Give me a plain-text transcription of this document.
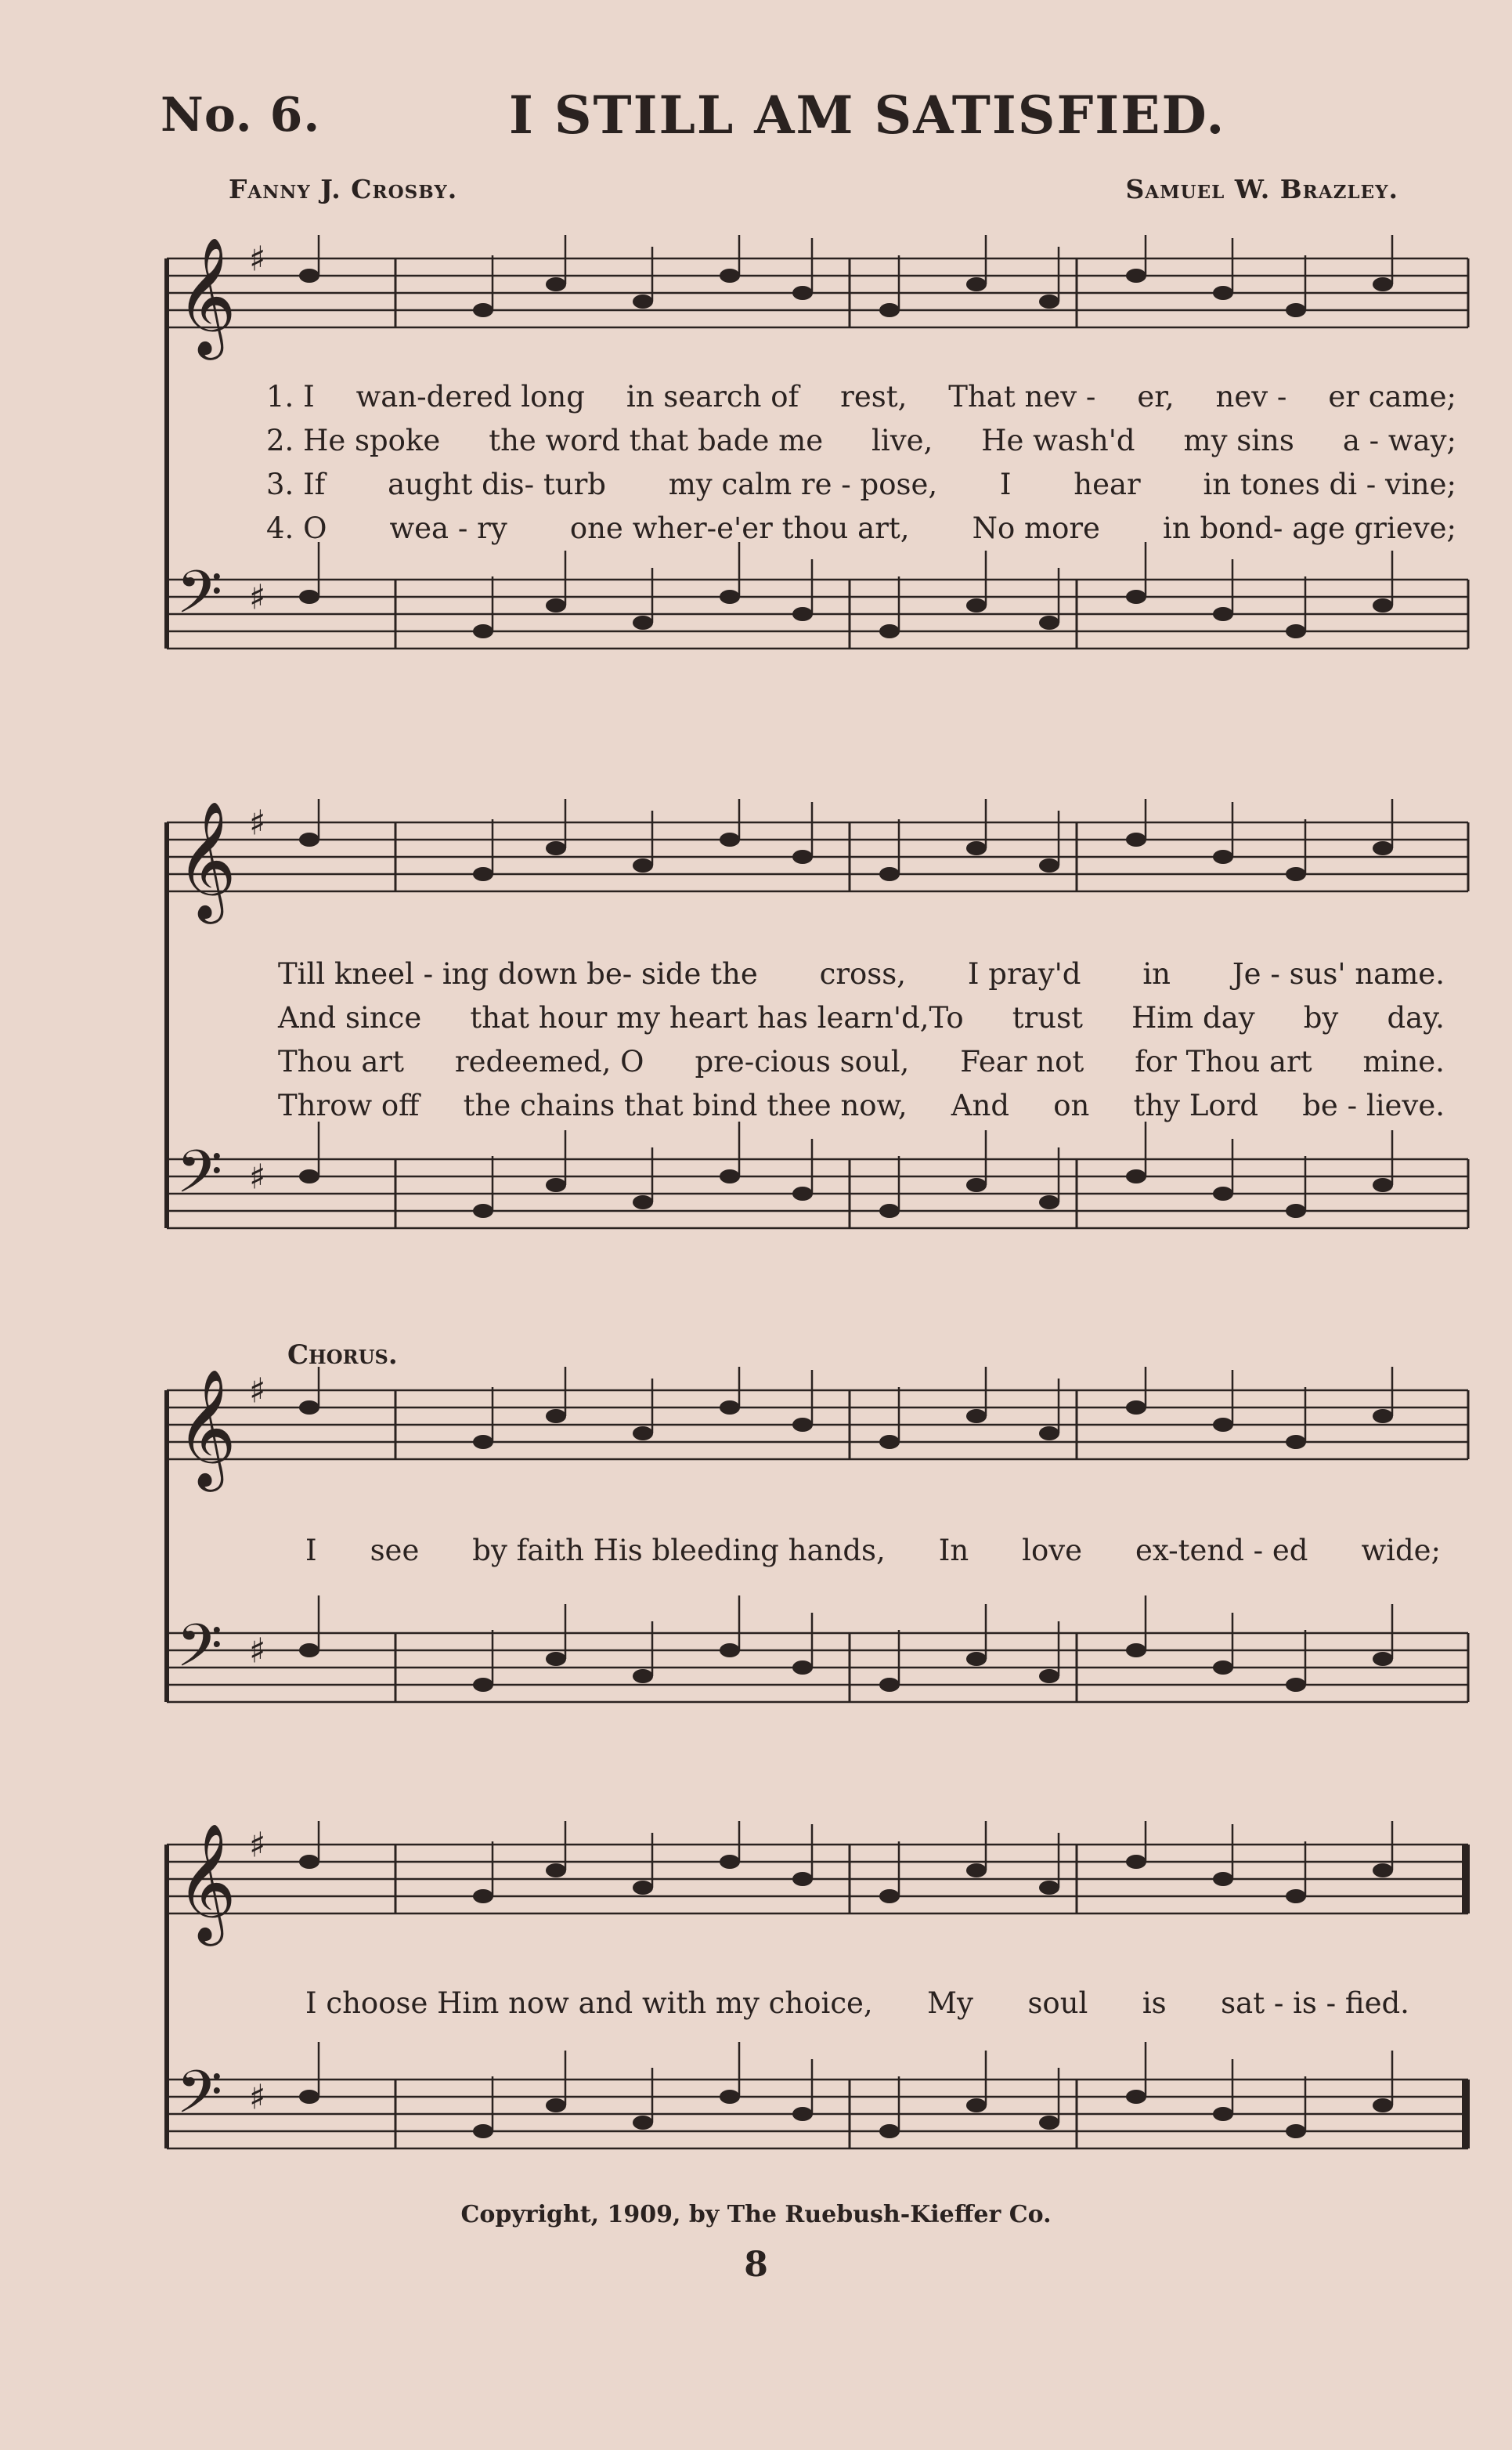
No. 6.	I STILL AM SATISFIED.
Fanny J. Crosby.	Samuel W. Brazley.
𝄞 ♯
𝄢 ♯
1. I wan-dered long in search of rest, That nev - er, nev - er came;
2. He spoke the word that bade me live, He wash'd my sins a - way;
3. If aught dis- turb my calm re - pose, I hear in tones di - vine;
4. O wea - ry one wher-e'er thou art, No more in bond- age grieve;
𝄞 ♯
𝄢 ♯
Till kneel - ing down be- side the cross, I pray'd in Je - sus' name.
And since that hour my heart has learn'd,To trust Him day by day.
Thou art redeemed, O pre-cious soul, Fear not for Thou art mine.
Throw off the chains that bind thee now, And on thy Lord be - lieve.
Chorus.
𝄞 ♯
𝄢 ♯
I see by faith His bleeding hands, In love ex-tend - ed wide;
𝄞 ♯
𝄢 ♯
I choose Him now and with my choice, My soul is sat - is - fied.
Copyright, 1909, by The Ruebush-Kieffer Co.
8
